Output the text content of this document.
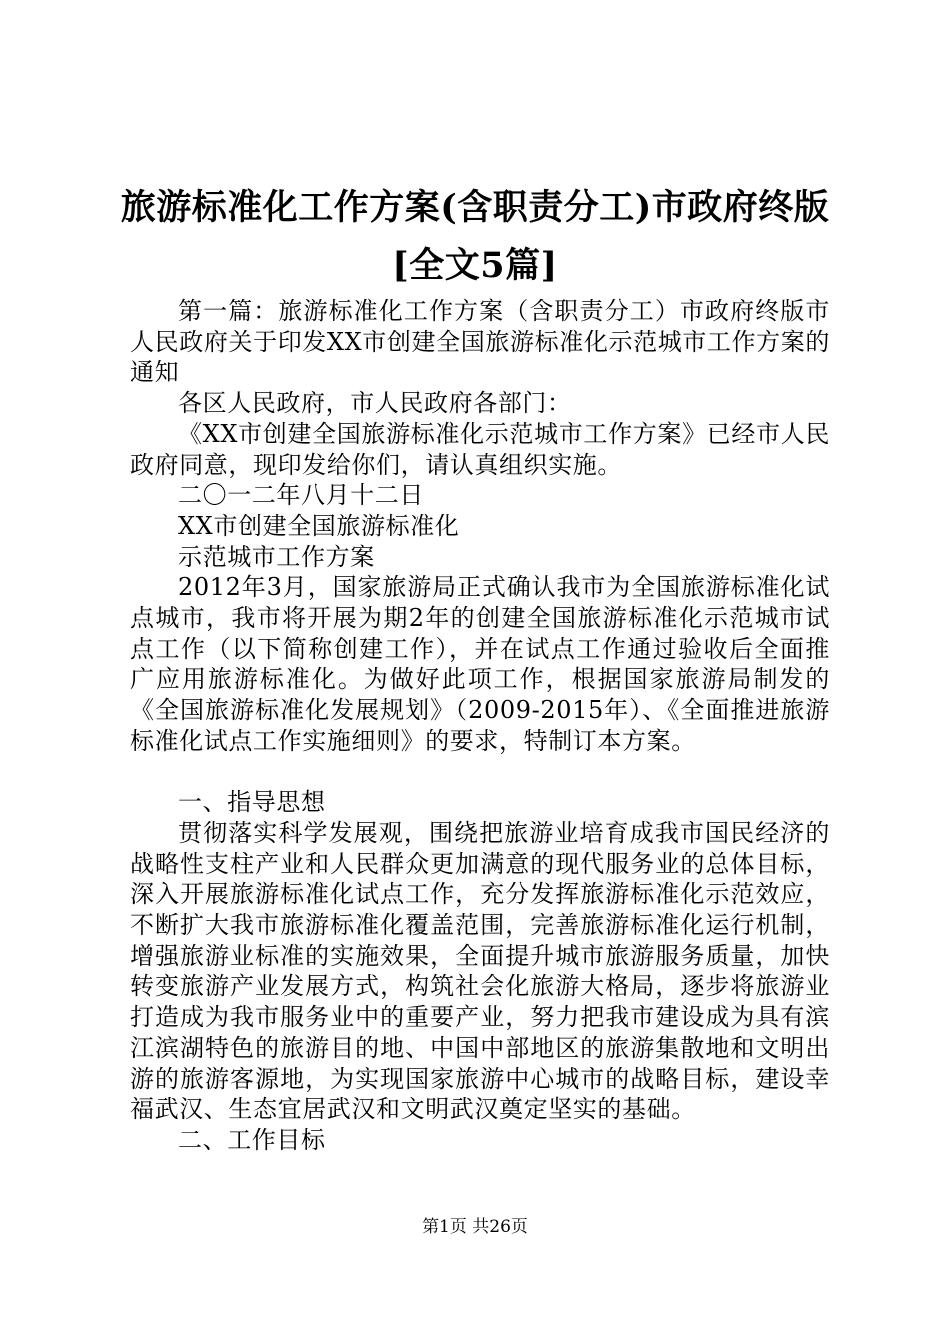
旅游标准化工作方案(含职责分工)市政府终版
[全文5篇]

第一篇：旅游标准化工作方案（含职责分工）市政府终版市人民政府关于印发XX市创建全国旅游标准化示范城市工作方案的通知

各区人民政府，市人民政府各部门：

《XX市创建全国旅游标准化示范城市工作方案》已经市人民政府同意，现印发给你们，请认真组织实施。

二〇一二年八月十二日

XX市创建全国旅游标准化

示范城市工作方案

2012年3月，国家旅游局正式确认我市为全国旅游标准化试点城市，我市将开展为期2年的创建全国旅游标准化示范城市试点工作（以下简称创建工作），并在试点工作通过验收后全面推广应用旅游标准化。为做好此项工作，根据国家旅游局制发的《全国旅游标准化发展规划》（2009-2015年）、《全面推进旅游标准化试点工作实施细则》的要求，特制订本方案。

一、指导思想

贯彻落实科学发展观，围绕把旅游业培育成我市国民经济的战略性支柱产业和人民群众更加满意的现代服务业的总体目标，深入开展旅游标准化试点工作，充分发挥旅游标准化示范效应，不断扩大我市旅游标准化覆盖范围，完善旅游标准化运行机制，增强旅游业标准的实施效果，全面提升城市旅游服务质量，加快转变旅游产业发展方式，构筑社会化旅游大格局，逐步将旅游业打造成为我市服务业中的重要产业，努力把我市建设成为具有滨江滨湖特色的旅游目的地、中国中部地区的旅游集散地和文明出游的旅游客源地，为实现国家旅游中心城市的战略目标，建设幸福武汉、生态宜居武汉和文明武汉奠定坚实的基础。

二、工作目标

第1页 共26页
